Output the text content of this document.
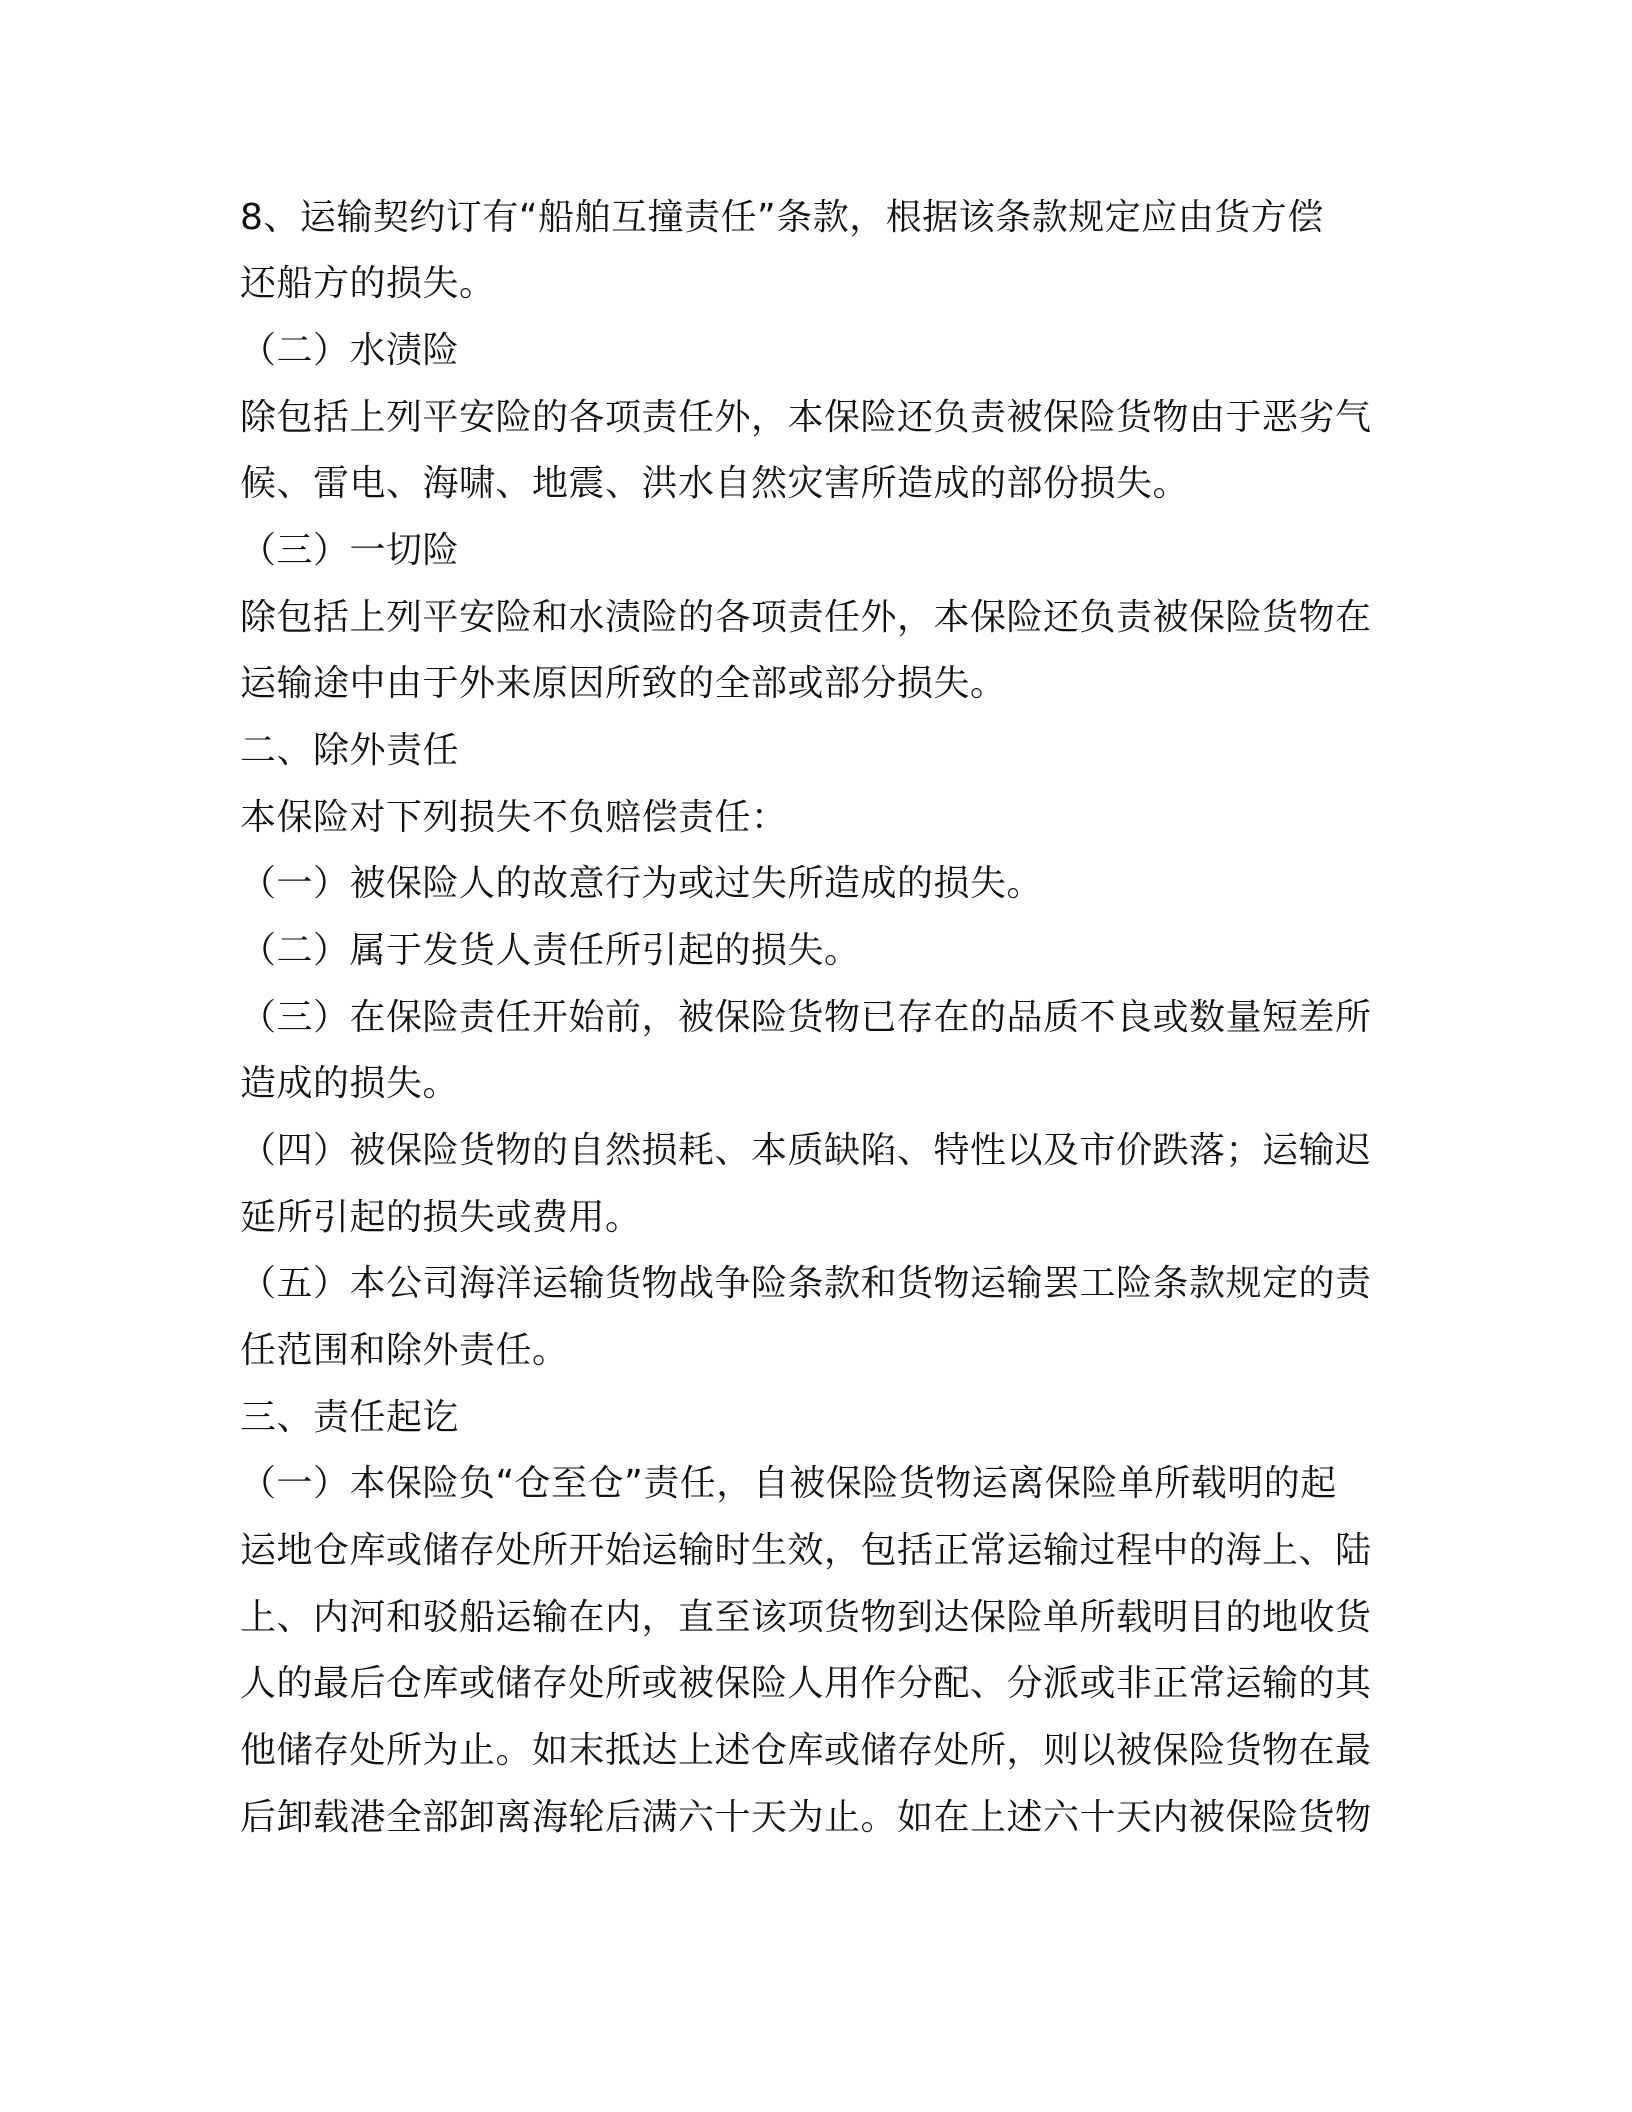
8、运输契约订有“船舶互撞责任”条款，根据该条款规定应由货方偿

还船方的损失。

（二）水渍险

除包括上列平安险的各项责任外，本保险还负责被保险货物由于恶劣气

候、雷电、海啸、地震、洪水自然灾害所造成的部份损失。

（三）一切险

除包括上列平安险和水渍险的各项责任外，本保险还负责被保险货物在

运输途中由于外来原因所致的全部或部分损失。

二、除外责任

本保险对下列损失不负赔偿责任：

（一）被保险人的故意行为或过失所造成的损失。

（二）属于发货人责任所引起的损失。

（三）在保险责任开始前，被保险货物已存在的品质不良或数量短差所

造成的损失。

（四）被保险货物的自然损耗、本质缺陷、特性以及市价跌落；运输迟

延所引起的损失或费用。

（五）本公司海洋运输货物战争险条款和货物运输罢工险条款规定的责

任范围和除外责任。

三、责任起讫

（一）本保险负“仓至仓”责任，自被保险货物运离保险单所载明的起

运地仓库或储存处所开始运输时生效，包括正常运输过程中的海上、陆

上、内河和驳船运输在内，直至该项货物到达保险单所载明目的地收货

人的最后仓库或储存处所或被保险人用作分配、分派或非正常运输的其

他储存处所为止。如末抵达上述仓库或储存处所，则以被保险货物在最

后卸载港全部卸离海轮后满六十天为止。如在上述六十天内被保险货物
